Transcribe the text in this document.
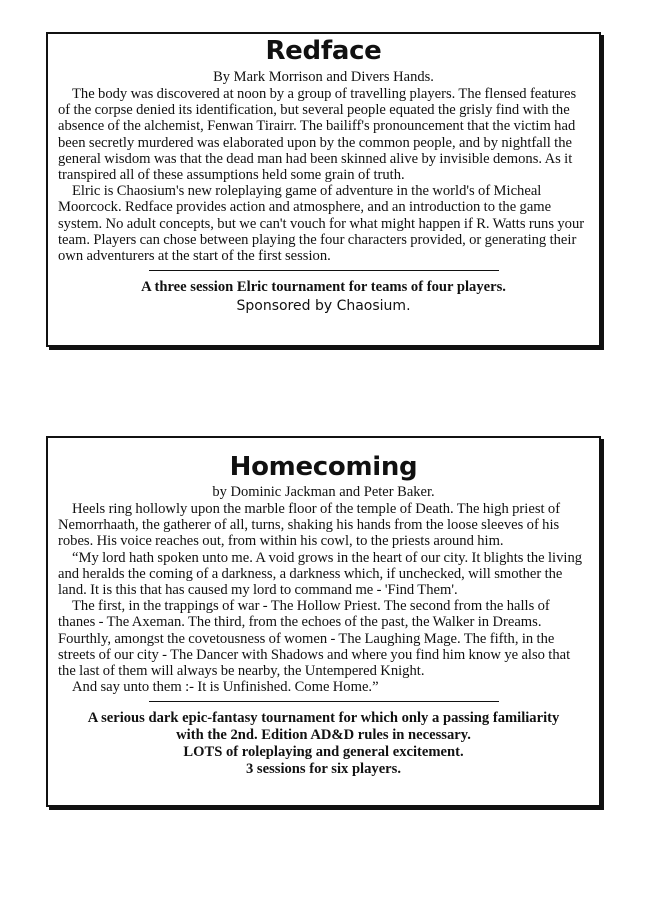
Redface

By Mark Morrison and Divers Hands.

The body was discovered at noon by a group of travelling players. The flensed features of the corpse denied its identification, but several people equated the grisly find with the absence of the alchemist, Fenwan Tirairr. The bailiff's pronouncement that the victim had been secretly murdered was elaborated upon by the common people, and by nightfall the general wisdom was that the dead man had been skinned alive by invisible demons. As it transpired all of these assumptions held some grain of truth.

Elric is Chaosium's new roleplaying game of adventure in the world's of Micheal Moorcock. Redface provides action and atmosphere, and an introduction to the game system. No adult concepts, but we can't vouch for what might happen if R. Watts runs your team. Players can chose between playing the four characters provided, or generating their own adventurers at the start of the first session.

A three session Elric tournament for teams of four players.

Sponsored by Chaosium.

Homecoming

by Dominic Jackman and Peter Baker.

Heels ring hollowly upon the marble floor of the temple of Death. The high priest of Nemorrhaath, the gatherer of all, turns, shaking his hands from the loose sleeves of his robes. His voice reaches out, from within his cowl, to the priests around him.

“My lord hath spoken unto me. A void grows in the heart of our city. It blights the living and heralds the coming of a darkness, a darkness which, if unchecked, will smother the land. It is this that has caused my lord to command me - 'Find Them'.

The first, in the trappings of war - The Hollow Priest. The second from the halls of thanes - The Axeman. The third, from the echoes of the past, the Walker in Dreams. Fourthly, amongst the covetousness of women - The Laughing Mage. The fifth, in the streets of our city - The Dancer with Shadows and where you find him know ye also that the last of them will always be nearby, the Untempered Knight.

And say unto them :- It is Unfinished. Come Home.”

A serious dark epic-fantasy tournament for which only a passing familiarity

with the 2nd. Edition AD&D rules in necessary.

LOTS of roleplaying and general excitement.

3 sessions for six players.
